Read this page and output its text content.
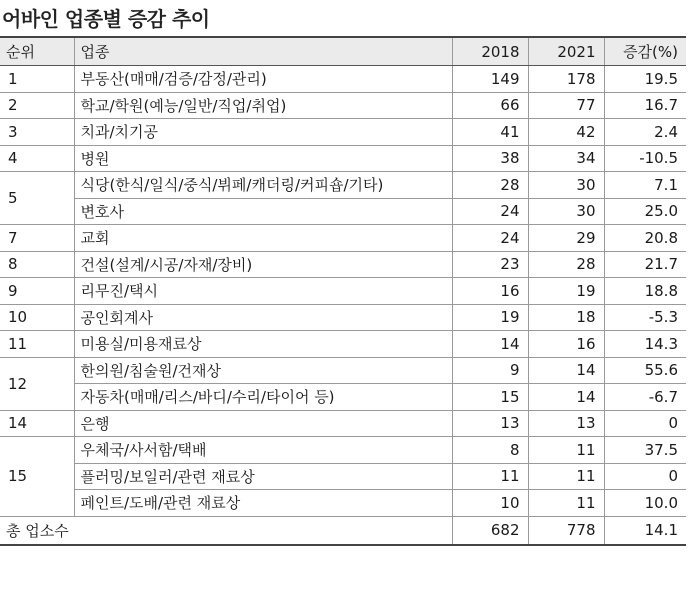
어바인 업종별 증감 추이
순위	업종	2018	2021	증감(%)
1	부동산(매매/검증/감정/관리)	149	178	19.5
2	학교/학원(예능/일반/직업/취업)	66	77	16.7
3	치과/치기공	41	42	2.4
4	병원	38	34	-10.5
5	식당(한식/일식/중식/뷔페/캐더링/커피숍/기타)	28	30	7.1
	변호사	24	30	25.0
7	교회	24	29	20.8
8	건설(설계/시공/자재/장비)	23	28	21.7
9	리무진/택시	16	19	18.8
10	공인회계사	19	18	-5.3
11	미용실/미용재료상	14	16	14.3
12	한의원/침술원/건재상	9	14	55.6
	자동차(매매/리스/바디/수리/타이어 등)	15	14	-6.7
14	은행	13	13	0
15	우체국/사서함/택배	8	11	37.5
	플러밍/보일러/관련 재료상	11	11	0
	페인트/도배/관련 재료상	10	11	10.0
총 업소수		682	778	14.1
